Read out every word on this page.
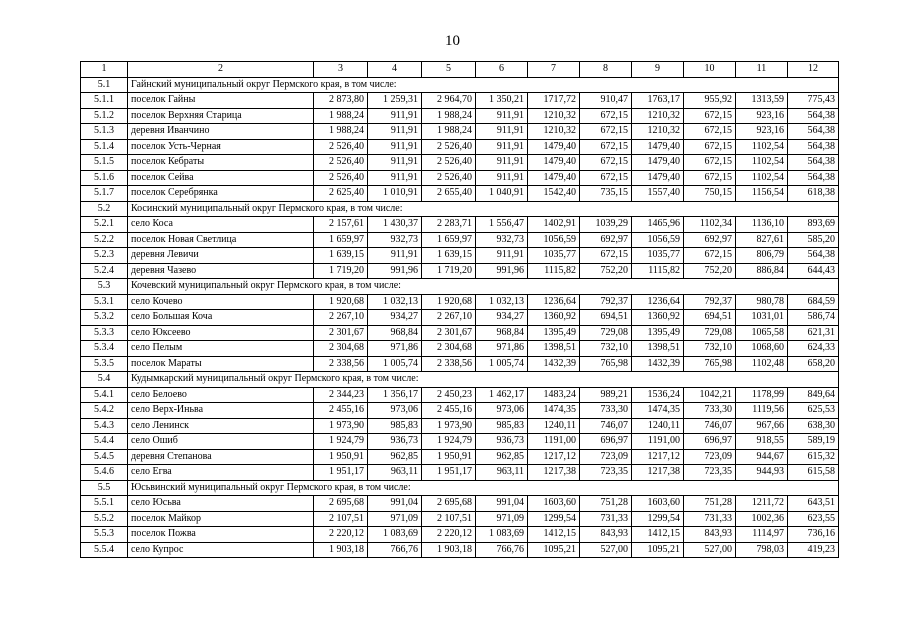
10
1	2	3	4	5	6	7	8	9	10	11	12
5.1	Гайнский муниципальный округ Пермского края, в том числе:										
5.1.1	поселок Гайны	2 873,80	1 259,31	2 964,70	1 350,21	1717,72	910,47	1763,17	955,92	1313,59	775,43
5.1.2	поселок Верхняя Старица	1 988,24	911,91	1 988,24	911,91	1210,32	672,15	1210,32	672,15	923,16	564,38
5.1.3	деревня Иванчино	1 988,24	911,91	1 988,24	911,91	1210,32	672,15	1210,32	672,15	923,16	564,38
5.1.4	поселок Усть-Черная	2 526,40	911,91	2 526,40	911,91	1479,40	672,15	1479,40	672,15	1102,54	564,38
5.1.5	поселок Кебраты	2 526,40	911,91	2 526,40	911,91	1479,40	672,15	1479,40	672,15	1102,54	564,38
5.1.6	поселок Сейва	2 526,40	911,91	2 526,40	911,91	1479,40	672,15	1479,40	672,15	1102,54	564,38
5.1.7	поселок Серебрянка	2 625,40	1 010,91	2 655,40	1 040,91	1542,40	735,15	1557,40	750,15	1156,54	618,38
5.2	Косинский муниципальный округ Пермского края, в том числе:										
5.2.1	село Коса	2 157,61	1 430,37	2 283,71	1 556,47	1402,91	1039,29	1465,96	1102,34	1136,10	893,69
5.2.2	поселок Новая Светлица	1 659,97	932,73	1 659,97	932,73	1056,59	692,97	1056,59	692,97	827,61	585,20
5.2.3	деревня Левичи	1 639,15	911,91	1 639,15	911,91	1035,77	672,15	1035,77	672,15	806,79	564,38
5.2.4	деревня Чазево	1 719,20	991,96	1 719,20	991,96	1115,82	752,20	1115,82	752,20	886,84	644,43
5.3	Кочевский муниципальный округ Пермского края, в том числе:										
5.3.1	село Кочево	1 920,68	1 032,13	1 920,68	1 032,13	1236,64	792,37	1236,64	792,37	980,78	684,59
5.3.2	село Большая Коча	2 267,10	934,27	2 267,10	934,27	1360,92	694,51	1360,92	694,51	1031,01	586,74
5.3.3	село Юксеево	2 301,67	968,84	2 301,67	968,84	1395,49	729,08	1395,49	729,08	1065,58	621,31
5.3.4	село Пелым	2 304,68	971,86	2 304,68	971,86	1398,51	732,10	1398,51	732,10	1068,60	624,33
5.3.5	поселок Мараты	2 338,56	1 005,74	2 338,56	1 005,74	1432,39	765,98	1432,39	765,98	1102,48	658,20
5.4	Кудымкарский муниципальный округ Пермского края, в том числе:										
5.4.1	село Белоево	2 344,23	1 356,17	2 450,23	1 462,17	1483,24	989,21	1536,24	1042,21	1178,99	849,64
5.4.2	село Верх-Иньва	2 455,16	973,06	2 455,16	973,06	1474,35	733,30	1474,35	733,30	1119,56	625,53
5.4.3	село Ленинск	1 973,90	985,83	1 973,90	985,83	1240,11	746,07	1240,11	746,07	967,66	638,30
5.4.4	село Ошиб	1 924,79	936,73	1 924,79	936,73	1191,00	696,97	1191,00	696,97	918,55	589,19
5.4.5	деревня Степанова	1 950,91	962,85	1 950,91	962,85	1217,12	723,09	1217,12	723,09	944,67	615,32
5.4.6	село Егва	1 951,17	963,11	1 951,17	963,11	1217,38	723,35	1217,38	723,35	944,93	615,58
5.5	Юсьвинский муниципальный округ Пермского края, в том числе:										
5.5.1	село Юсьва	2 695,68	991,04	2 695,68	991,04	1603,60	751,28	1603,60	751,28	1211,72	643,51
5.5.2	поселок Майкор	2 107,51	971,09	2 107,51	971,09	1299,54	731,33	1299,54	731,33	1002,36	623,55
5.5.3	поселок Пожва	2 220,12	1 083,69	2 220,12	1 083,69	1412,15	843,93	1412,15	843,93	1114,97	736,16
5.5.4	село Купрос	1 903,18	766,76	1 903,18	766,76	1095,21	527,00	1095,21	527,00	798,03	419,23
